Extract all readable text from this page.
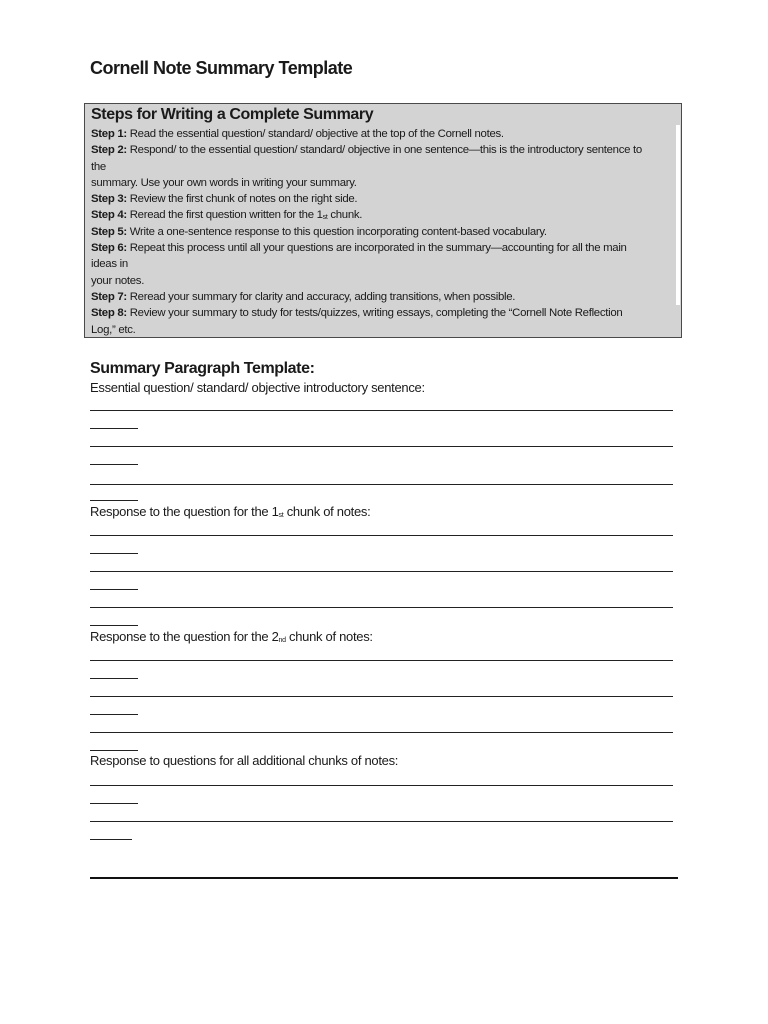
Cornell Note Summary Template
Steps for Writing a Complete Summary
Step 1: Read the essential question/ standard/ objective at the top of the Cornell notes.
Step 2: Respond/ to the essential question/ standard/ objective in one sentence—this is the introductory sentence to
the
summary. Use your own words in writing your summary.
Step 3: Review the first chunk of notes on the right side.
Step 4: Reread the first question written for the 1st chunk.
Step 5: Write a one-sentence response to this question incorporating content-based vocabulary.
Step 6: Repeat this process until all your questions are incorporated in the summary—accounting for all the main
ideas in
your notes.
Step 7: Reread your summary for clarity and accuracy, adding transitions, when possible.
Step 8: Review your summary to study for tests/quizzes, writing essays, completing the “Cornell Note Reflection
Log,” etc.
Summary Paragraph Template:
Essential question/ standard/ objective introductory sentence:
Response to the question for the 1st chunk of notes:
Response to the question for the 2nd chunk of notes:
Response to questions for all additional chunks of notes:
